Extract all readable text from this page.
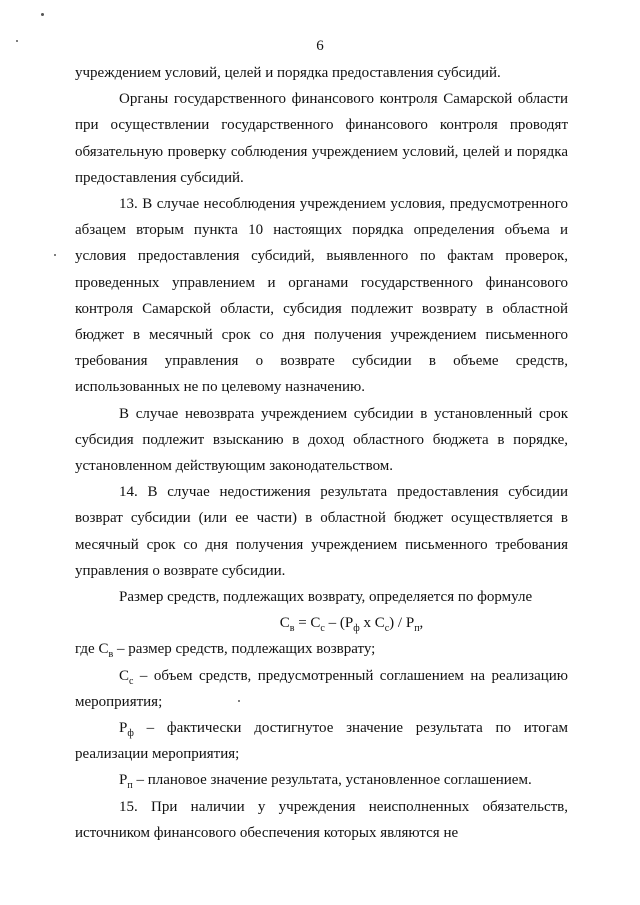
6

учреждением условий, целей и порядка предоставления субсидий.

Органы государственного финансового контроля Самарской области при осуществлении государственного финансового контроля проводят обязательную проверку соблюдения учреждением условий, целей и порядка предоставления субсидий.

13. В случае несоблюдения учреждением условия, предусмотренного абзацем вторым пункта 10 настоящих порядка определения объема и условия предоставления субсидий, выявленного по фактам проверок, проведенных управлением и органами государственного финансового контроля Самарской области, субсидия подлежит возврату в областной бюджет в месячный срок со дня получения учреждением письменного требования управления о возврате субсидии в объеме средств, использованных не по целевому назначению.

В случае невозврата учреждением субсидии в установленный срок субсидия подлежит взысканию в доход областного бюджета в порядке, установленном действующим законодательством.

14. В случае недостижения результата предоставления субсидии возврат субсидии (или ее части) в областной бюджет осуществляется в месячный срок со дня получения учреждением письменного требования управления о возврате субсидии.

Размер средств, подлежащих возврату, определяется по формуле

$С_в = С_с - (Р_ф$ х $С_с) / Р_п$,

где $С_в$ – размер средств, подлежащих возврату;

$С_с$ – объем средств, предусмотренный соглашением на реализацию мероприятия;

$Р_ф$ – фактически достигнутое значение результата по итогам реализации мероприятия;

$Р_п$ – плановое значение результата, установленное соглашением.

15. При наличии у учреждения неисполненных обязательств, источником финансового обеспечения которых являются не
